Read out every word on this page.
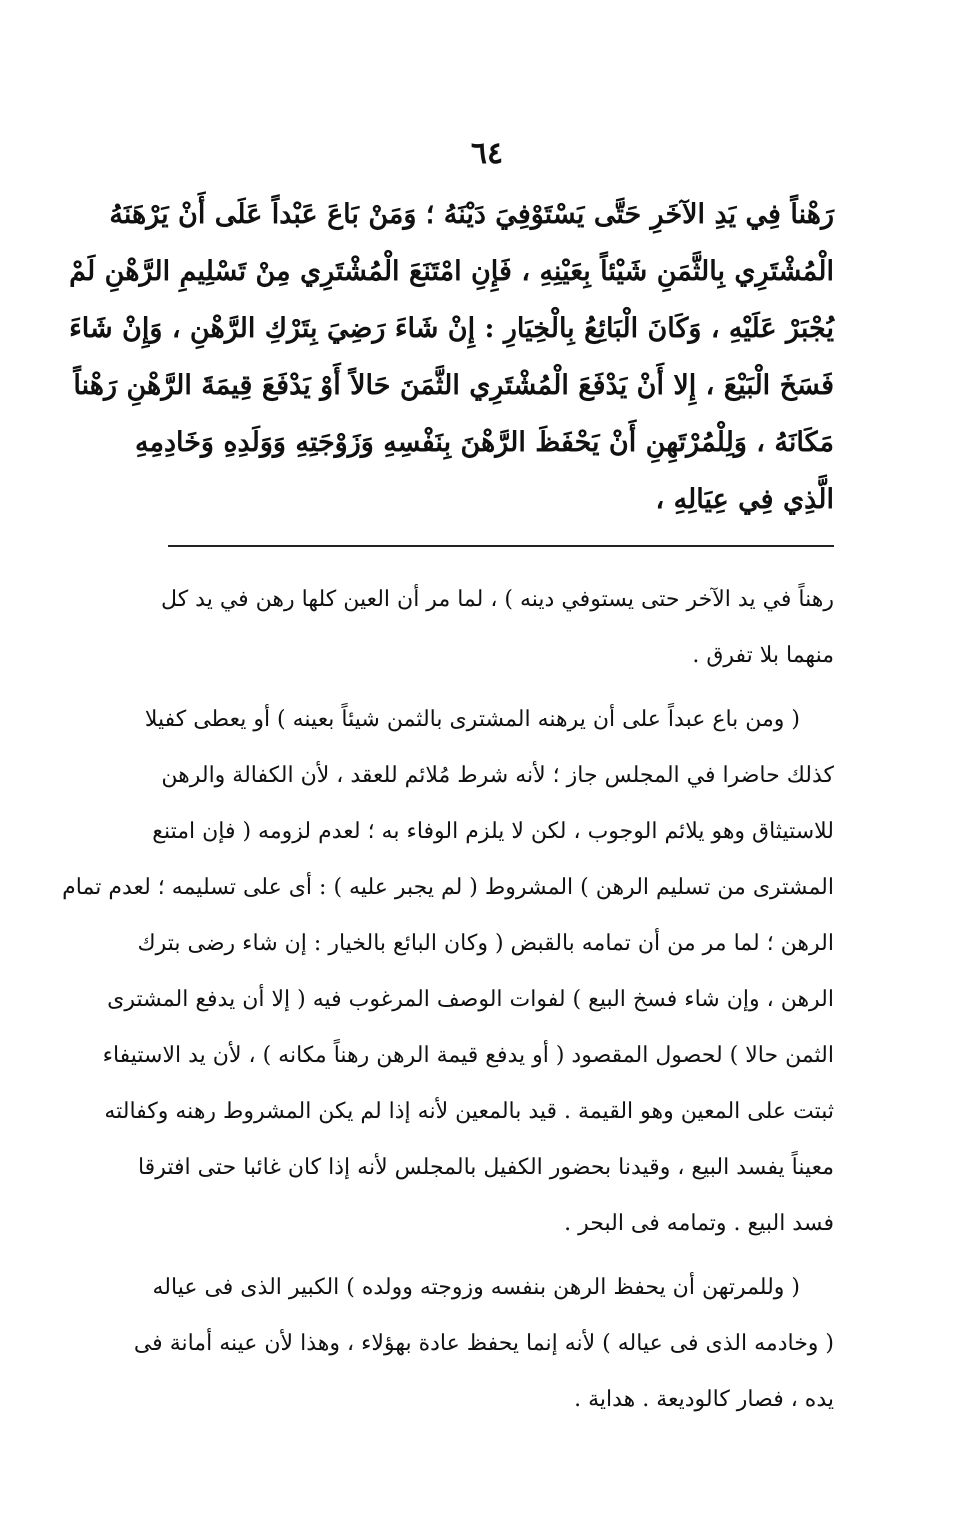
٦٤
رَهْناً فِي يَدِ الآخَرِ حَتَّى يَسْتَوْفِيَ دَيْنَهُ ؛ وَمَنْ بَاعَ عَبْداً عَلَى أَنْ يَرْهَنَهُ
الْمُشْتَرِي بِالثَّمَنِ شَيْئاً بِعَيْنِهِ ، فَإِنِ امْتَنَعَ الْمُشْتَرِي مِنْ تَسْلِيمِ الرَّهْنِ لَمْ
يُجْبَرْ عَلَيْهِ ، وَكَانَ الْبَائِعُ بِالْخِيَارِ : إِنْ شَاءَ رَضِيَ بِتَرْكِ الرَّهْنِ ، وَإِنْ شَاءَ
فَسَخَ الْبَيْعَ ، إِلا أَنْ يَدْفَعَ الْمُشْتَرِي الثَّمَنَ حَالاً أَوْ يَدْفَعَ قِيمَةَ الرَّهْنِ رَهْناً
مَكَانَهُ ، وَلِلْمُرْتَهِنِ أَنْ يَحْفَظَ الرَّهْنَ بِنَفْسِهِ وَزَوْجَتِهِ وَوَلَدِهِ وَخَادِمِهِ
الَّذِي فِي عِيَالِهِ ،
رهناً في يد الآخر حتى يستوفي دينه ) ، لما مر أن العين كلها رهن في يد كل
منهما بلا تفرق .
( ومن باع عبداً على أن يرهنه المشترى بالثمن شيئاً بعينه ) أو يعطى كفيلا
كذلك حاضرا في المجلس جاز ؛ لأنه شرط مُلائم للعقد ، لأن الكفالة والرهن
للاستيثاق وهو يلائم الوجوب ، لكن لا يلزم الوفاء به ؛ لعدم لزومه ( فإن امتنع
المشترى من تسليم الرهن ) المشروط ( لم يجبر عليه ) : أى على تسليمه ؛ لعدم تمام
الرهن ؛ لما مر من أن تمامه بالقبض ( وكان البائع بالخيار : إن شاء رضى بترك
الرهن ، وإن شاء فسخ البيع ) لفوات الوصف المرغوب فيه ( إلا أن يدفع المشترى
الثمن حالا ) لحصول المقصود ( أو يدفع قيمة الرهن رهناً مكانه ) ، لأن يد الاستيفاء
ثبتت على المعين وهو القيمة . قيد بالمعين لأنه إذا لم يكن المشروط رهنه وكفالته
معيناً يفسد البيع ، وقيدنا بحضور الكفيل بالمجلس لأنه إذا كان غائبا حتى افترقا
فسد البيع . وتمامه فى البحر .
( وللمرتهن أن يحفظ الرهن بنفسه وزوجته وولده ) الكبير الذى فى عياله
( وخادمه الذى فى عياله ) لأنه إنما يحفظ عادة بهؤلاء ، وهذا لأن عينه أمانة فى
يده ، فصار كالوديعة . هداية .
